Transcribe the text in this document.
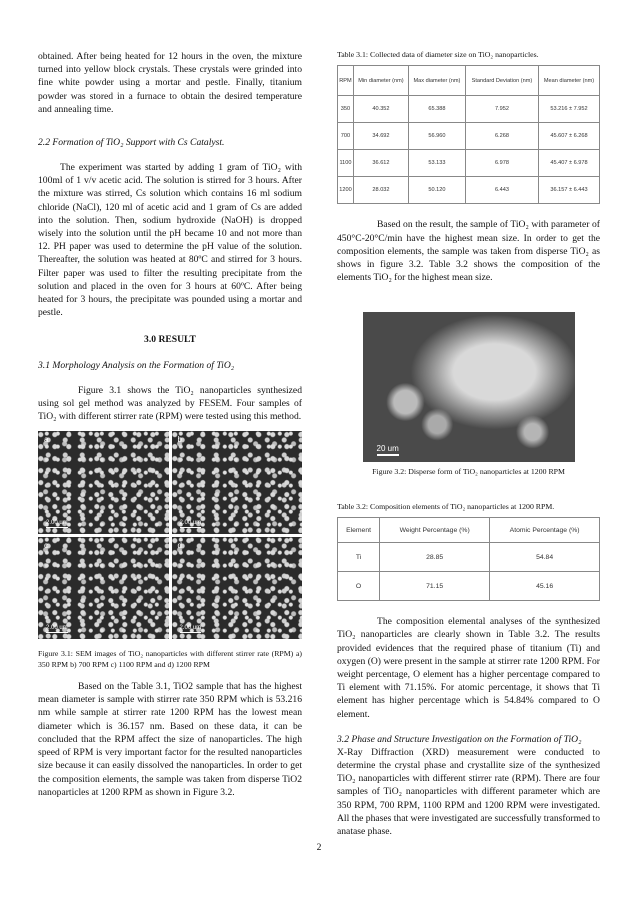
obtained. After being heated for 12 hours in the oven, the mixture turned into yellow block crystals. These crystals were grinded into fine white powder using a mortar and pestle. Finally, titanium powder was stored in a furnace to obtain the desired temperature and annealing time.

2.2 Formation of TiO₂ Support with Cs Catalyst.

The experiment was started by adding 1 gram of TiO₂ with 100ml of 1 v/v acetic acid. The solution is stirred for 3 hours. After the mixture was stirred, Cs solution which contains 16 ml sodium chloride (NaCl), 120 ml of acetic acid and 1 gram of Cs are added into the solution. Then, sodium hydroxide (NaOH) is dropped wisely into the solution until the pH became 10 and not more than 12. PH paper was used to determine the pH value of the solution. Thereafter, the solution was heated at 80ºC and stirred for 3 hours. Filter paper was used to filter the resulting precipitate from the solution and placed in the oven for 3 hours at 60ºC. After being heated for 3 hours, the precipitate was pounded using a mortar and pestle.

3.0 RESULT

3.1 Morphology Analysis on the Formation of TiO₂

Figure 3.1 shows the TiO₂ nanoparticles synthesized using sol gel method was analyzed by FESEM. Four samples of TiO₂ with different stirrer rate (RPM) were tested using this method.

a
2.00 um
b
2.00 um
c
2.00 um
d
2.00 um

Figure 3.1: SEM images of TiO₂ nanoparticles with different stirrer rate (RPM) a) 350 RPM b) 700 RPM c) 1100 RPM and d) 1200 RPM

Based on the Table 3.1, TiO2 sample that has the highest mean diameter is sample with stirrer rate 350 RPM which is 53.216 nm while sample at stirrer rate 1200 RPM has the lowest mean diameter which is 36.157 nm. Based on these data, it can be concluded that the RPM affect the size of nanoparticles. The high speed of RPM is very important factor for the resulted nanoparticles size because it can easily dissolved the nanoparticles. In order to get the composition elements, the sample was taken from disperse TiO2 nanoparticles at 1200 RPM as shown in Figure 3.2.

Table 3.1: Collected data of diameter size on TiO₂ nanoparticles.

RPM	Min diameter (nm)	Max diameter (nm)	Standard Deviation (nm)	Mean diameter (nm)
350	40.352	65.388	7.952	53.216 ± 7.952
700	34.692	56.960	6.268	45.607 ± 6.268
1100	36.612	53.133	6.978	45.407 ± 6.978
1200	28.032	50.120	6.443	36.157 ± 6.443

Based on the result, the sample of TiO₂ with parameter of 450°C-20°C/min have the highest mean size. In order to get the composition elements, the sample was taken from disperse TiO₂ as shows in figure 3.2. Table 3.2 shows the composition of the elements TiO₂ for the highest mean size.

20 um

Figure 3.2: Disperse form of TiO₂ nanoparticles at 1200 RPM

Table 3.2: Composition elements of TiO₂ nanoparticles at 1200 RPM.

Element	Weight Percentage (%)	Atomic Percentage (%)
Ti	28.85	54.84
O	71.15	45.16

The composition elemental analyses of the synthesized TiO₂ nanoparticles are clearly shown in Table 3.2. The results provided evidences that the required phase of titanium (Ti) and oxygen (O) were present in the sample at stirrer rate 1200 RPM. For weight percentage, O element has a higher percentage compared to Ti element with 71.15%. For atomic percentage, it shows that Ti element has higher percentage which is 54.84% compared to O element.

3.2 Phase and Structure Investigation on the Formation of TiO₂

X-Ray Diffraction (XRD) measurement were conducted to determine the crystal phase and crystallite size of the synthesized TiO₂ nanoparticles with different stirrer rate (RPM). There are four samples of TiO₂ nanoparticles with different parameter which are 350 RPM, 700 RPM, 1100 RPM and 1200 RPM were investigated. All the phases that were investigated are successfully transformed to anatase phase.

2
